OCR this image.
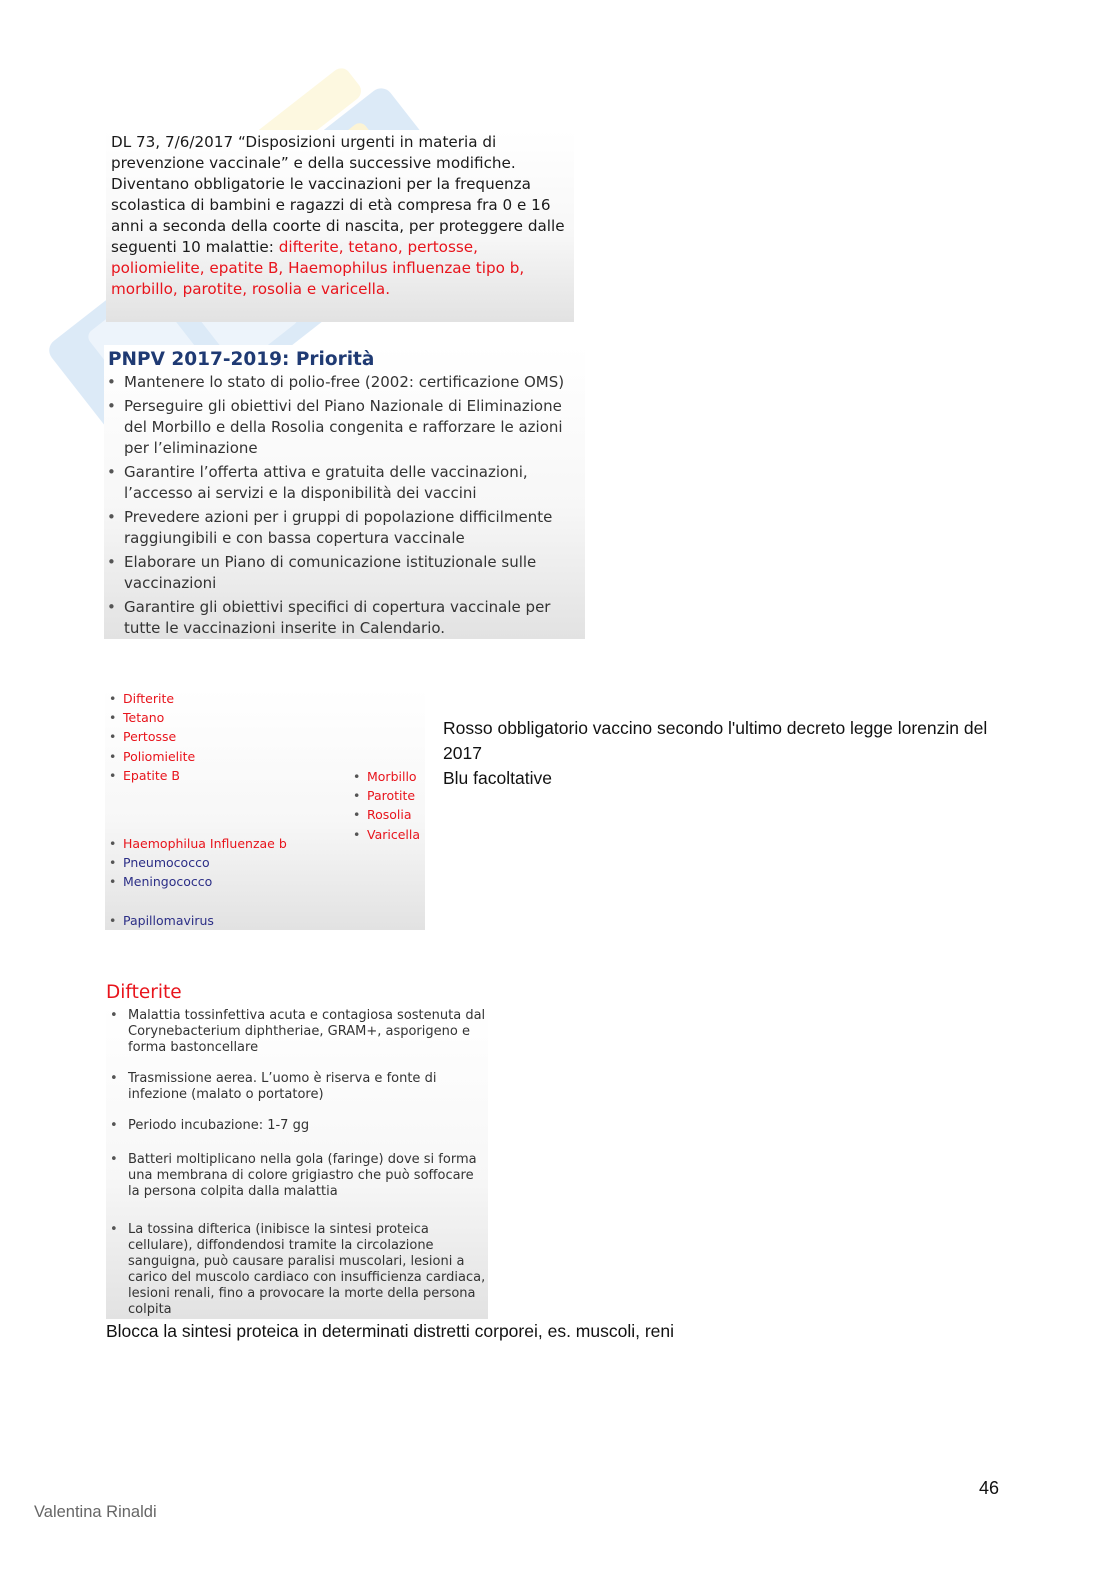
DL 73, 7/6/2017 “Disposizioni urgenti in materia di prevenzione vaccinale” e della successive modifiche. Diventano obbligatorie le vaccinazioni per la frequenza scolastica di bambini e ragazzi di età compresa fra 0 e 16 anni a seconda della coorte di nascita, per proteggere dalle seguenti 10 malattie: difterite, tetano, pertosse, poliomielite, epatite B, Haemophilus influenzae tipo b, morbillo, parotite, rosolia e varicella.

PNPV 2017-2019: Priorità
• Mantenere lo stato di polio-free (2002: certificazione OMS)
• Perseguire gli obiettivi del Piano Nazionale di Eliminazione del Morbillo e della Rosolia congenita e rafforzare le azioni per l’eliminazione
• Garantire l’offerta attiva e gratuita delle vaccinazioni, l’accesso ai servizi e la disponibilità dei vaccini
• Prevedere azioni per i gruppi di popolazione difficilmente raggiungibili e con bassa copertura vaccinale
• Elaborare un Piano di comunicazione istituzionale sulle vaccinazioni
• Garantire gli obiettivi specifici di copertura vaccinale per tutte le vaccinazioni inserite in Calendario.
• Difterite
• Tetano
• Pertosse
• Poliomielite
• Epatite B
•	Morbillo
• Parotite
• Rosolia
• Varicella
• Haemophilua Influenzae b
• Pneumococco
• Meningococco
• Papillomavirus

Rosso obbligatorio vaccino secondo l'ultimo decreto legge lorenzin del 2017

Blu facoltative

Difterite
• Malattia tossinfettiva acuta e contagiosa sostenuta dal Corynebacterium diphtheriae, GRAM+, asporigeno e forma bastoncellare
• Trasmissione aerea. L’uomo è riserva e fonte di infezione (malato o portatore)
• Periodo incubazione: 1-7 gg
• Batteri moltiplicano nella gola (faringe) dove si forma una membrana di colore grigiastro che può soffocare la persona colpita dalla malattia
• La tossina difterica (inibisce la sintesi proteica cellulare), diffondendosi tramite la circolazione sanguigna, può causare paralisi muscolari, lesioni a carico del muscolo cardiaco con insufficienza cardiaca, lesioni renali, fino a provocare la morte della persona colpita
Blocca la sintesi proteica in determinati distretti corporei, es. muscoli, reni
46
Valentina Rinaldi
